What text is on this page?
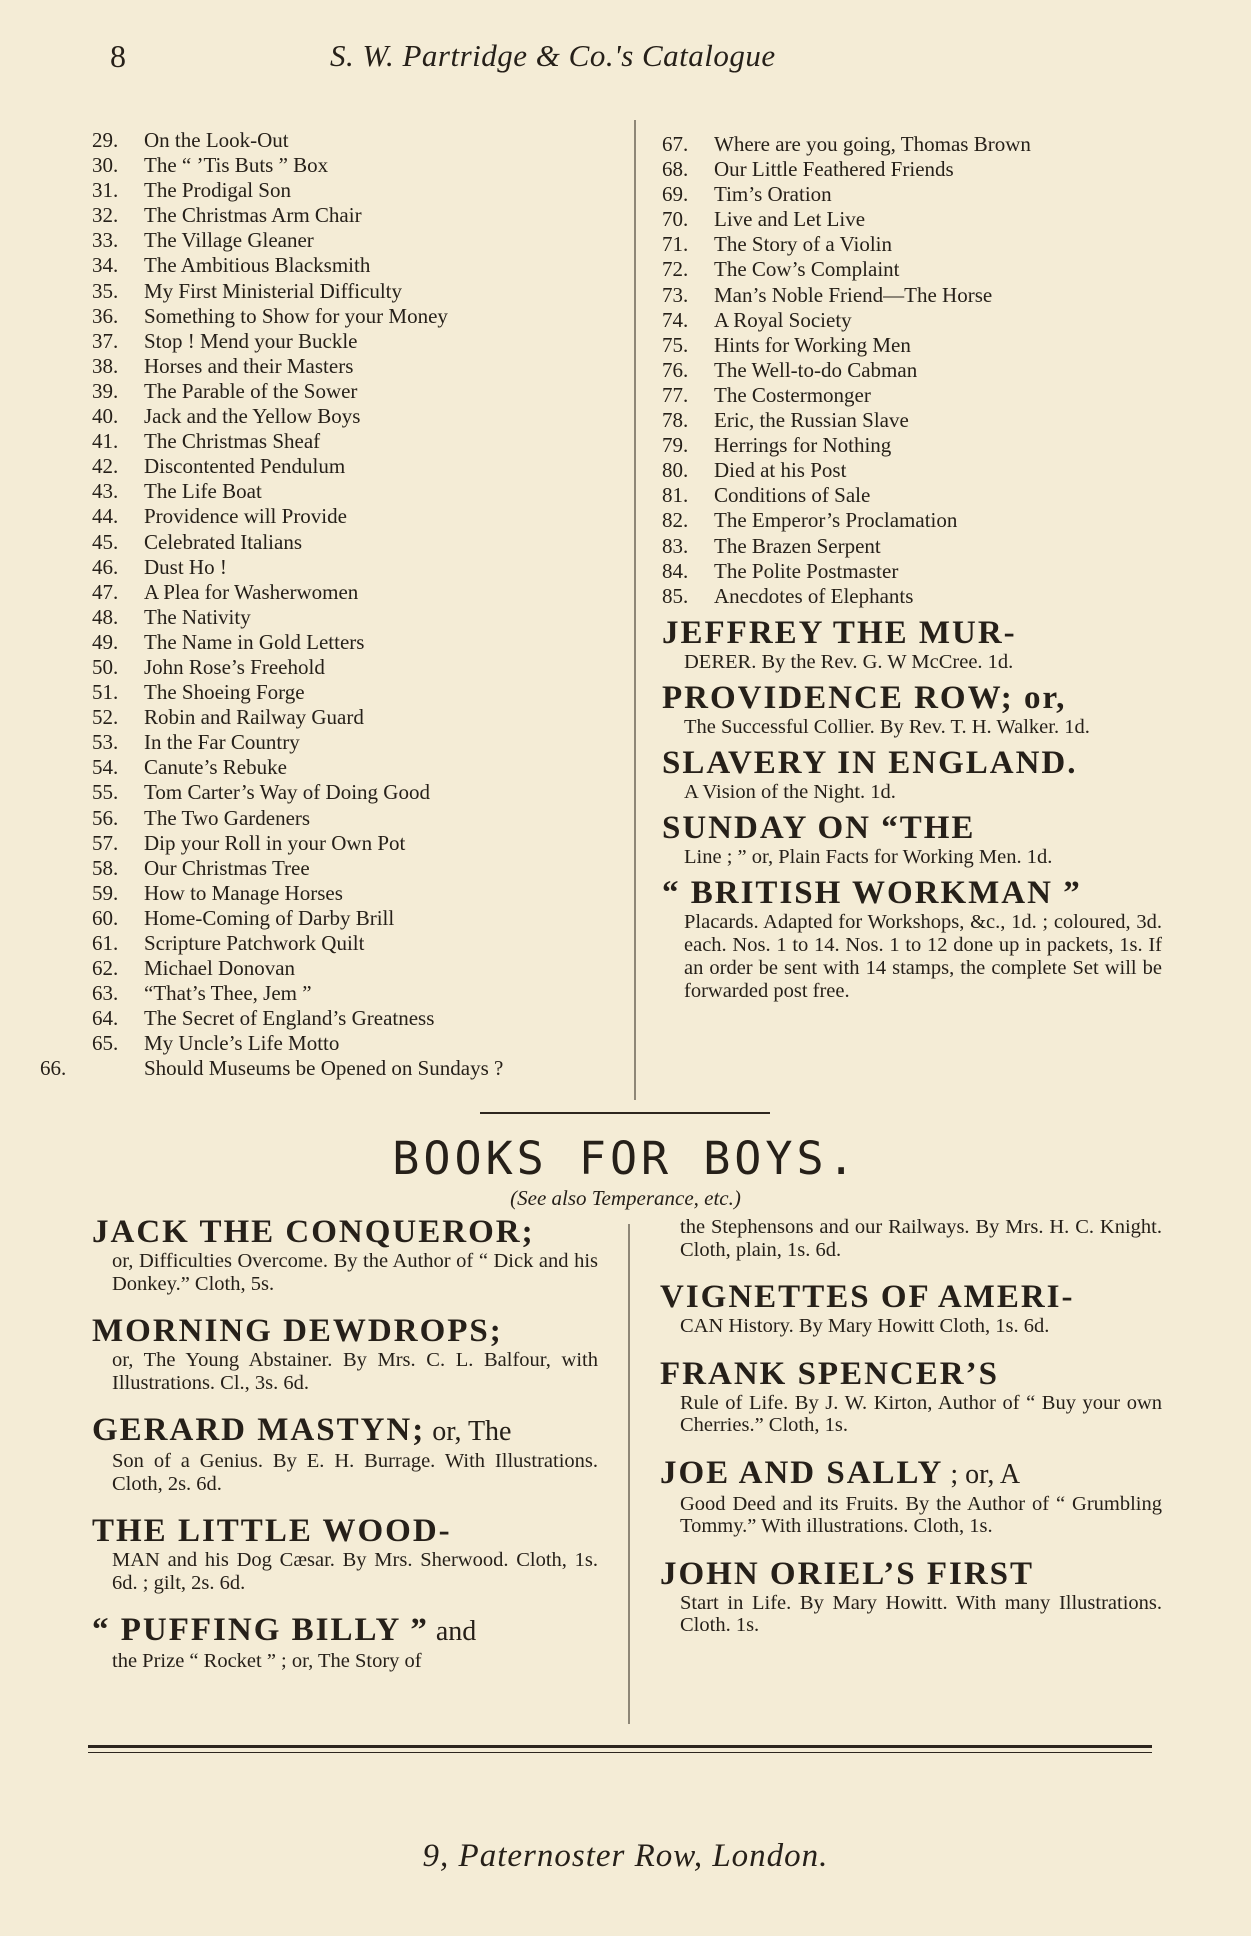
8	S. W. Partridge & Co.'s Catalogue
29. On the Look-Out
30. The “ ’Tis Buts ” Box
31. The Prodigal Son
32. The Christmas Arm Chair
33. The Village Gleaner
34. The Ambitious Blacksmith
35. My First Ministerial Difficulty
36. Something to Show for your Money
37. Stop ! Mend your Buckle
38. Horses and their Masters
39. The Parable of the Sower
40. Jack and the Yellow Boys
41. The Christmas Sheaf
42. Discontented Pendulum
43. The Life Boat
44. Providence will Provide
45. Celebrated Italians
46. Dust Ho !
47. A Plea for Washerwomen
48. The Nativity
49. The Name in Gold Letters
50. John Rose’s Freehold
51. The Shoeing Forge
52. Robin and Railway Guard
53. In the Far Country
54. Canute’s Rebuke
55. Tom Carter’s Way of Doing Good
56. The Two Gardeners
57. Dip your Roll in your Own Pot
58. Our Christmas Tree
59. How to Manage Horses
60. Home-Coming of Darby Brill
61. Scripture Patchwork Quilt
62. Michael Donovan
63. “That’s Thee, Jem ”
64. The Secret of England’s Greatness
65. My Uncle’s Life Motto
66.	Should Museums be Opened on Sundays ?
67. Where are you going, Thomas Brown
68. Our Little Feathered Friends
69. Tim’s Oration
70. Live and Let Live
71. The Story of a Violin
72. The Cow’s Complaint
73. Man’s Noble Friend—The Horse
74. A Royal Society
75. Hints for Working Men
76. The Well-to-do Cabman
77. The Costermonger
78. Eric, the Russian Slave
79. Herrings for Nothing
80. Died at his Post
81. Conditions of Sale
82. The Emperor’s Proclamation
83. The Brazen Serpent
84. The Polite Postmaster
85. Anecdotes of Elephants
JEFFREY THE MUR-
DERER. By the Rev. G. W McCree. 1d.
PROVIDENCE ROW; or,
The Successful Collier. By Rev. T. H. Walker. 1d.
SLAVERY IN ENGLAND.
A Vision of the Night. 1d.
SUNDAY ON “THE
Line ; ” or, Plain Facts for Working Men. 1d.
“ BRITISH WORKMAN ”
Placards. Adapted for Workshops, &c., 1d. ; coloured, 3d. each. Nos. 1 to 14. Nos. 1 to 12 done up in packets, 1s. If an order be sent with 14 stamps, the complete Set will be forwarded post free.
BOOKS FOR BOYS.
(See also Temperance, etc.)
JACK THE CONQUEROR;
or, Difficulties Overcome. By the Author of “ Dick and his Donkey.” Cloth, 5s.
MORNING DEWDROPS;
or, The Young Abstainer. By Mrs. C. L. Balfour, with Illustrations. Cl., 3s. 6d.
GERARD MASTYN; or, The
Son of a Genius. By E. H. Burrage. With Illustrations. Cloth, 2s. 6d.
THE LITTLE WOOD-
MAN and his Dog Cæsar. By Mrs. Sherwood. Cloth, 1s. 6d. ; gilt, 2s. 6d.
“ PUFFING BILLY ” and
the Prize “ Rocket ” ; or, The Story of
the Stephensons and our Railways. By Mrs. H. C. Knight. Cloth, plain, 1s. 6d.
VIGNETTES OF AMERI-
CAN History. By Mary Howitt Cloth, 1s. 6d.
FRANK SPENCER’S
Rule of Life. By J. W. Kirton, Author of “ Buy your own Cherries.” Cloth, 1s.
JOE AND SALLY ; or, A
Good Deed and its Fruits. By the Author of “ Grumbling Tommy.” With illustrations. Cloth, 1s.
JOHN ORIEL’S FIRST
Start in Life. By Mary Howitt. With many Illustrations. Cloth. 1s.
9, Paternoster Row, London.
